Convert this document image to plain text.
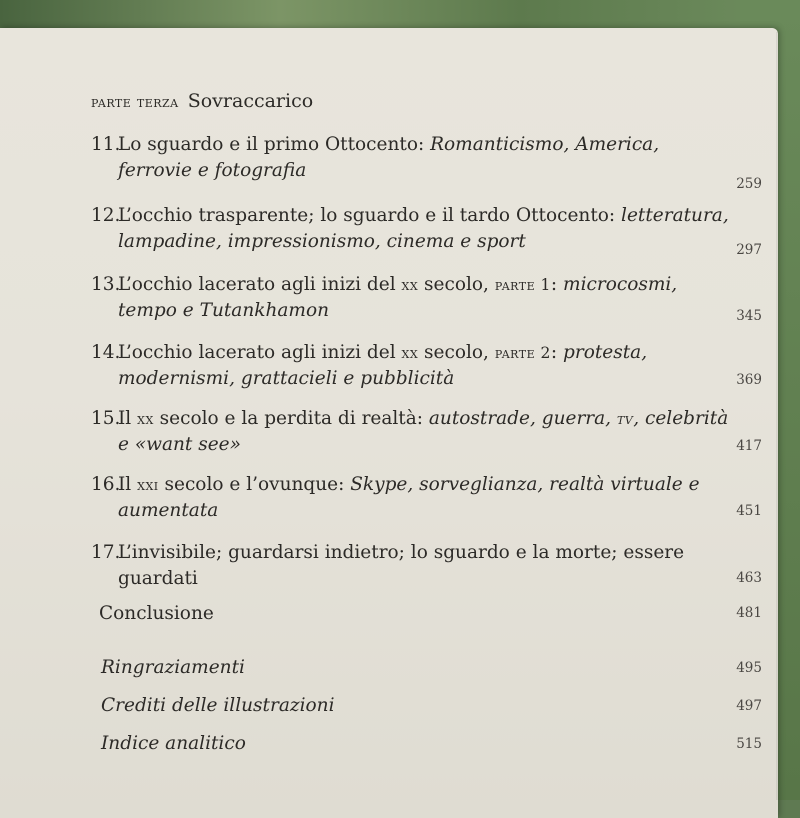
parte terza Sovraccarico
11.
Lo sguardo e il primo Ottocento: Romanticismo, America,
ferrovie e fotografia
259
12.
L’occhio trasparente; lo sguardo e il tardo Ottocento: letteratura,
lampadine, impressionismo, cinema e sport	297
13.
L’occhio lacerato agli inizi del xx secolo, parte 1: microcosmi,
tempo e Tutankhamon	345
14.
L’occhio lacerato agli inizi del xx secolo, parte 2: protesta,
modernismi, grattacieli e pubblicità	369
15.
Il xx secolo e la perdita di realtà: autostrade, guerra, tv, celebrità
e «want see»	417
16.
Il xxi secolo e l’ovunque: Skype, sorveglianza, realtà virtuale e
aumentata	451
17.
L’invisibile; guardarsi indietro; lo sguardo e la morte; essere
guardati	463
Conclusione	481
Ringraziamenti	495
Crediti delle illustrazioni	497
Indice analitico	515
